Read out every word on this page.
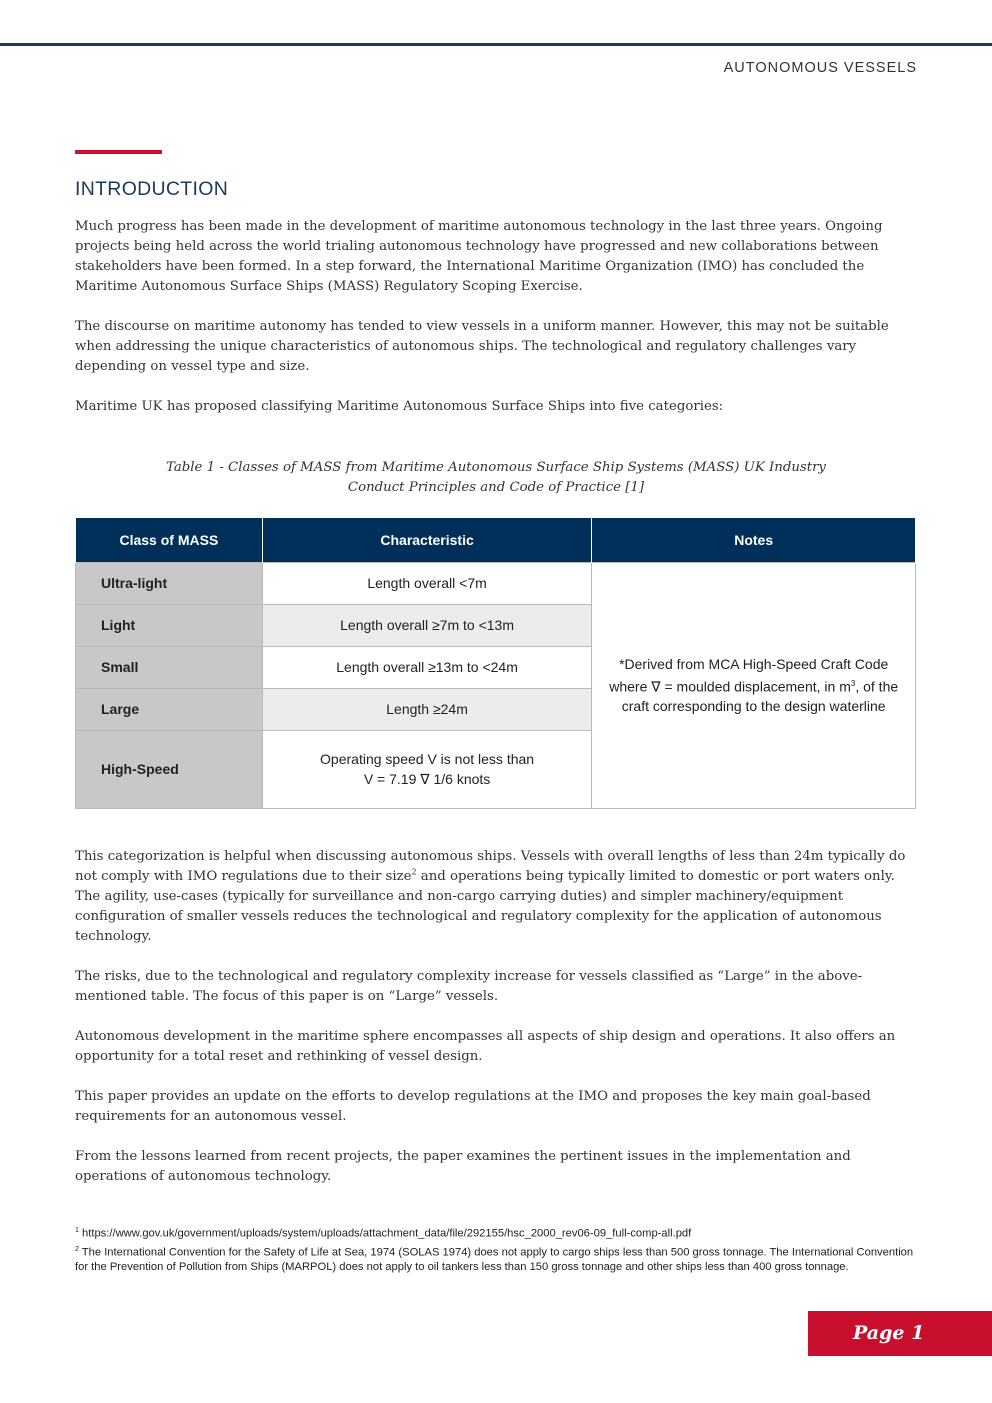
AUTONOMOUS VESSELS
INTRODUCTION

Much progress has been made in the development of maritime autonomous technology in the last three years. Ongoing projects being held across the world trialing autonomous technology have progressed and new collaborations between stakeholders have been formed. In a step forward, the International Maritime Organization (IMO) has concluded the Maritime Autonomous Surface Ships (MASS) Regulatory Scoping Exercise.

The discourse on maritime autonomy has tended to view vessels in a uniform manner. However, this may not be suitable when addressing the unique characteristics of autonomous ships. The technological and regulatory challenges vary depending on vessel type and size.

Maritime UK has proposed classifying Maritime Autonomous Surface Ships into five categories:

Table 1 - Classes of MASS from Maritime Autonomous Surface Ship Systems (MASS) UK Industry
Conduct Principles and Code of Practice [1]
Class of MASS	Characteristic	Notes
Ultra-light	Length overall <7m	*Derived from MCA High-Speed Craft Code where ∇ = moulded displacement, in $m^3$, of the craft corresponding to the design waterline
Light	Length overall ≥7m to <13m	
Small	Length overall ≥13m to <24m	
Large	Length ≥24m	
High-Speed	Operating speed V is not less than
V = 7.19 ∇ 1/6 knots	

This categorization is helpful when discussing autonomous ships. Vessels with overall lengths of less than 24m typically do not comply with IMO regulations due to their size$^2$ and operations being typically limited to domestic or port waters only. The agility, use-cases (typically for surveillance and non-cargo carrying duties) and simpler machinery/equipment configuration of smaller vessels reduces the technological and regulatory complexity for the application of autonomous technology.

The risks, due to the technological and regulatory complexity increase for vessels classified as “Large” in the above-mentioned table. The focus of this paper is on “Large” vessels.

Autonomous development in the maritime sphere encompasses all aspects of ship design and operations. It also offers an opportunity for a total reset and rethinking of vessel design.

This paper provides an update on the efforts to develop regulations at the IMO and proposes the key main goal-based requirements for an autonomous vessel.

From the lessons learned from recent projects, the paper examines the pertinent issues in the implementation and operations of autonomous technology.

$^1$ https://www.gov.uk/government/uploads/system/uploads/attachment_data/file/292155/hsc_2000_rev06-09_full-comp-all.pdf
$^2$ The International Convention for the Safety of Life at Sea, 1974 (SOLAS 1974) does not apply to cargo ships less than 500 gross tonnage. The International Convention for the Prevention of Pollution from Ships (MARPOL) does not apply to oil tankers less than 150 gross tonnage and other ships less than 400 gross tonnage.
Page 1
